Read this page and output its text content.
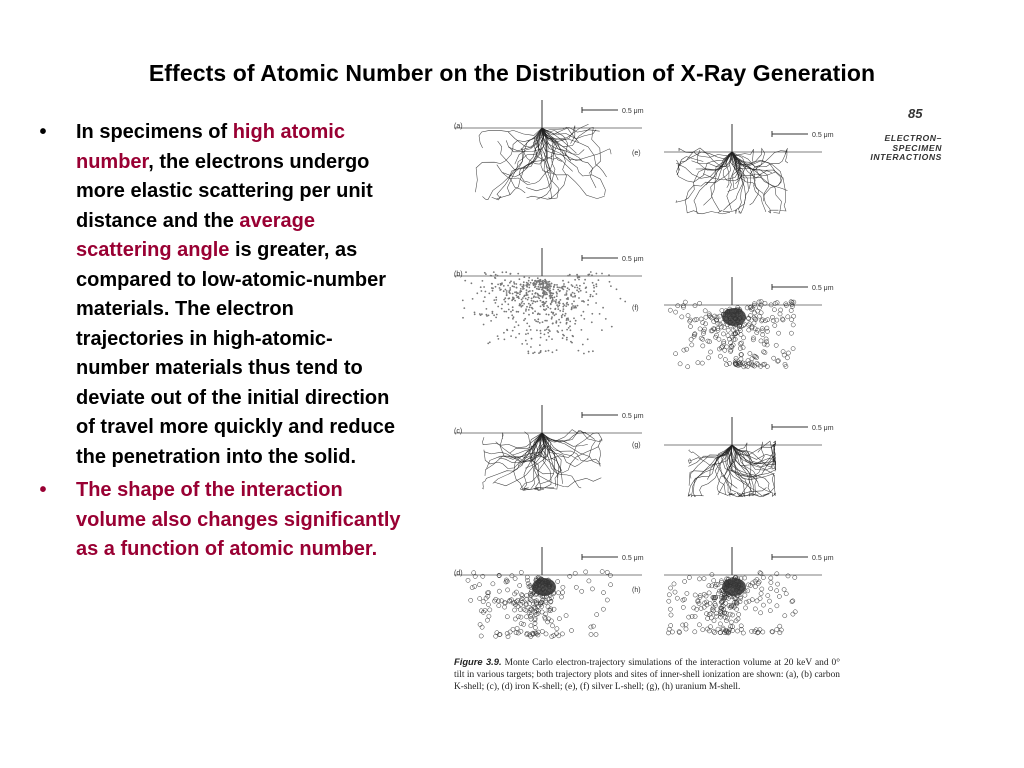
Effects of Atomic Number on the Distribution of X-Ray Generation
• In specimens of high atomic number, the electrons undergo more elastic scattering per unit distance and the average scattering angle is greater, as compared to low-atomic-number materials. The electron trajectories in high-atomic-number materials thus tend to deviate out of the initial direction of travel more quickly and reduce the penetration into the solid.
• The shape of the interaction volume also changes significantly as a function of atomic number.
0.5 μm
(a)
0.5 μm
(e)
0.5 μm
(b)
0.5 μm
(f)
0.5 μm
(c)	0.5 μm
(g)
0.5 μm
(d)
0.5 μm
(h)
85
ELECTRON–
SPECIMEN
INTERACTIONS
Figure 3.9. Monte Carlo electron-trajectory simulations of the interaction volume at 20 keV and 0° tilt in various targets; both trajectory plots and sites of inner-shell ionization are shown: (a), (b) carbon K-shell; (c), (d) iron K-shell; (e), (f) silver L-shell; (g), (h) uranium M-shell.
